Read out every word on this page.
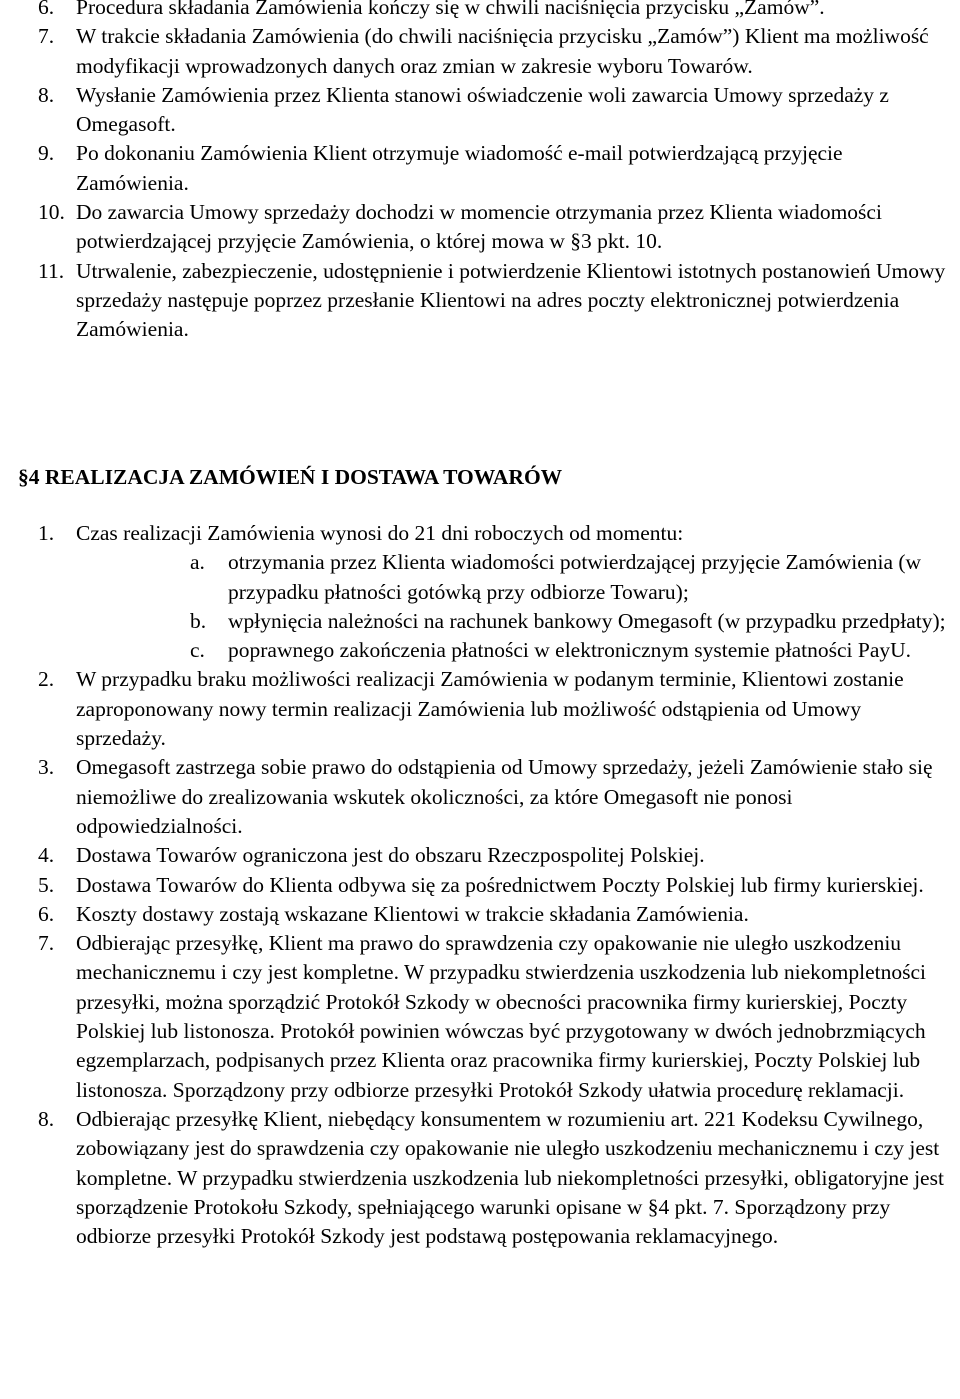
6. Procedura składania Zamówienia kończy się w chwili naciśnięcia przycisku „Zamów”.
7. W trakcie składania Zamówienia (do chwili naciśnięcia przycisku „Zamów”) Klient ma możliwość modyfikacji wprowadzonych danych oraz zmian w zakresie wyboru Towarów.
8. Wysłanie Zamówienia przez Klienta stanowi oświadczenie woli zawarcia Umowy sprzedaży z Omegasoft.
9. Po dokonaniu Zamówienia Klient otrzymuje wiadomość e-mail potwierdzającą przyjęcie Zamówienia.
10. Do zawarcia Umowy sprzedaży dochodzi w momencie otrzymania przez Klienta wiadomości potwierdzającej przyjęcie Zamówienia, o której mowa w §3 pkt. 10.
11. Utrwalenie, zabezpieczenie, udostępnienie i potwierdzenie Klientowi istotnych postanowień Umowy sprzedaży następuje poprzez przesłanie Klientowi na adres poczty elektronicznej potwierdzenia Zamówienia.
§4 REALIZACJA ZAMÓWIEŃ I DOSTAWA TOWARÓW
1. Czas realizacji Zamówienia wynosi do 21 dni roboczych od momentu:
a. otrzymania przez Klienta wiadomości potwierdzającej przyjęcie Zamówienia (w przypadku płatności gotówką przy odbiorze Towaru);
b. wpłynięcia należności na rachunek bankowy Omegasoft (w przypadku przedpłaty);
c. poprawnego zakończenia płatności w elektronicznym systemie płatności PayU.
2. W przypadku braku możliwości realizacji Zamówienia w podanym terminie, Klientowi zostanie zaproponowany nowy termin realizacji Zamówienia lub możliwość odstąpienia od Umowy sprzedaży.
3. Omegasoft zastrzega sobie prawo do odstąpienia od Umowy sprzedaży, jeżeli Zamówienie stało się niemożliwe do zrealizowania wskutek okoliczności, za które Omegasoft nie ponosi odpowiedzialności.
4. Dostawa Towarów ograniczona jest do obszaru Rzeczpospolitej Polskiej.
5. Dostawa Towarów do Klienta odbywa się za pośrednictwem Poczty Polskiej lub firmy kurierskiej.
6. Koszty dostawy zostają wskazane Klientowi w trakcie składania Zamówienia.
7. Odbierając przesyłkę, Klient ma prawo do sprawdzenia czy opakowanie nie uległo uszkodzeniu mechanicznemu i czy jest kompletne. W przypadku stwierdzenia uszkodzenia lub niekompletności przesyłki, można sporządzić Protokół Szkody w obecności pracownika firmy kurierskiej, Poczty Polskiej lub listonosza. Protokół powinien wówczas być przygotowany w dwóch jednobrzmiących egzemplarzach, podpisanych przez Klienta oraz pracownika firmy kurierskiej, Poczty Polskiej lub listonosza. Sporządzony przy odbiorze przesyłki Protokół Szkody ułatwia procedurę reklamacji.
8. Odbierając przesyłkę Klient, niebędący konsumentem w rozumieniu art. 221 Kodeksu Cywilnego, zobowiązany jest do sprawdzenia czy opakowanie nie uległo uszkodzeniu mechanicznemu i czy jest kompletne. W przypadku stwierdzenia uszkodzenia lub niekompletności przesyłki, obligatoryjne jest sporządzenie Protokołu Szkody, spełniającego warunki opisane w §4 pkt. 7. Sporządzony przy odbiorze przesyłki Protokół Szkody jest podstawą postępowania reklamacyjnego.
